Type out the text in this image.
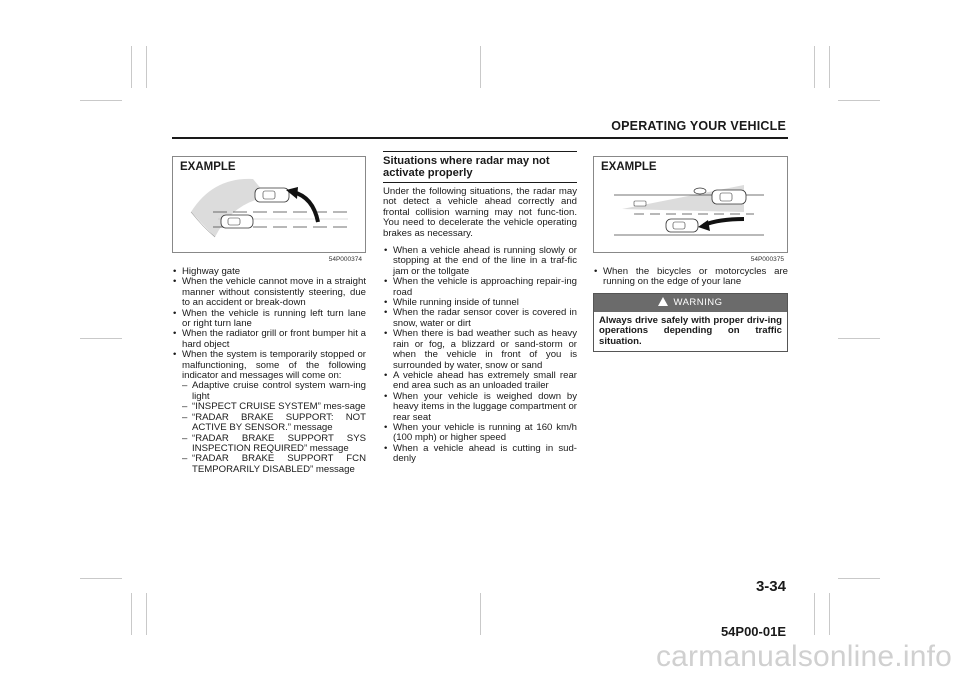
OPERATING YOUR VEHICLE
EXAMPLE
54P000374
• Highway gate
• When the vehicle cannot move in a straight manner without consistently steering, due to an accident or break-down
• When the vehicle is running left turn lane or right turn lane
• When the radiator grill or front bumper hit a hard object
• When the system is temporarily stopped or malfunctioning, some of the following indicator and messages will come on:
– Adaptive cruise control system warn-ing light
– “INSPECT CRUISE SYSTEM” mes-sage
– “RADAR BRAKE SUPPORT: NOT ACTIVE BY SENSOR.” message
– “RADAR BRAKE SUPPORT SYS INSPECTION REQUIRED” message
– “RADAR BRAKE SUPPORT FCN TEMPORARILY DISABLED” message
Situations where radar may not activate properly
Under the following situations, the radar may not detect a vehicle ahead correctly and frontal collision warning may not func-tion. You need to decelerate the vehicle operating brakes as necessary.
• When a vehicle ahead is running slowly or stopping at the end of the line in a traf-fic jam or the tollgate
• When the vehicle is approaching repair-ing road
• While running inside of tunnel
• When the radar sensor cover is covered in snow, water or dirt
• When there is bad weather such as heavy rain or fog, a blizzard or sand-storm or when the vehicle in front of you is surrounded by water, snow or sand
• A vehicle ahead has extremely small rear end area such as an unloaded trailer
• When your vehicle is weighed down by heavy items in the luggage compartment or rear seat
• When your vehicle is running at 160 km/h (100 mph) or higher speed
• When a vehicle ahead is cutting in sud-denly
EXAMPLE
54P000375
• When the bicycles or motorcycles are running on the edge of your lane
WARNING
Always drive safely with proper driv-ing operations depending on traffic situation.
3-34
54P00-01E
carmanualsonline.info
